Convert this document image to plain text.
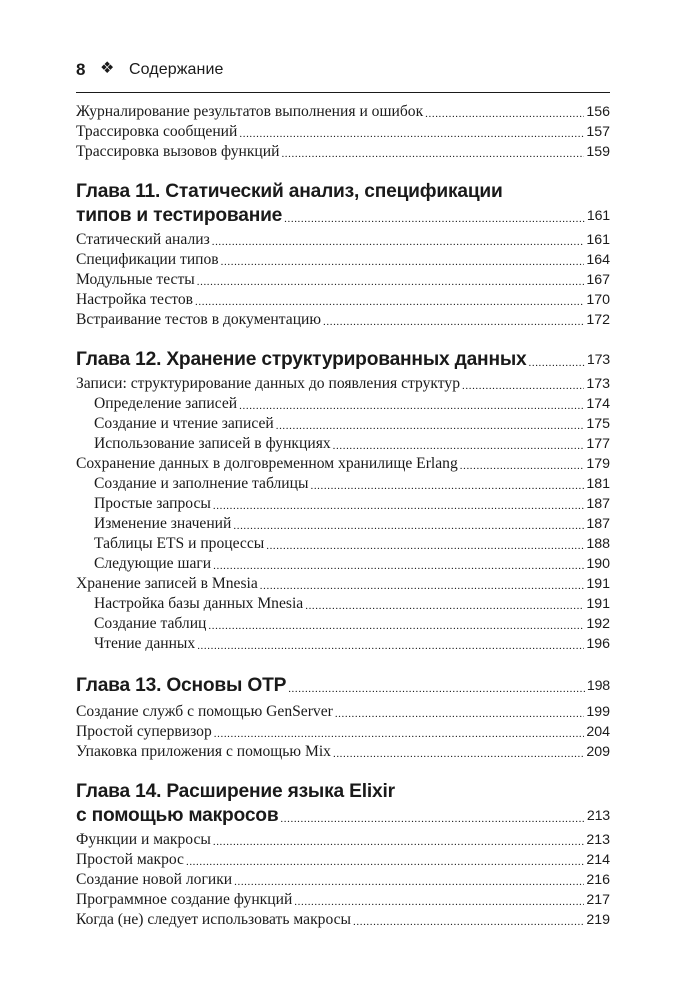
8 ❖ Содержание
Журналирование результатов выполнения и ошибок .....	156
Трассировка сообщений .....	157
Трассировка вызовов функций .....	159
Глава 11. Статический анализ, спецификации
типов и тестирование .....	161
Статический анализ .....	161
Спецификации типов .....	164
Модульные тесты .....	167
Настройка тестов .....	170
Встраивание тестов в документацию .....	172
Глава 12. Хранение структурированных данных .....	173
Записи: структурирование данных до появления структур .....	173
Определение записей .....	174
Создание и чтение записей .....	175
Использование записей в функциях .....	177
Сохранение данных в долговременном хранилище Erlang .....	179
Создание и заполнение таблицы .....	181
Простые запросы .....	187
Изменение значений .....	187
Таблицы ETS и процессы .....	188
Следующие шаги .....	190
Хранение записей в Mnesia .....	191
Настройка базы данных Mnesia .....	191
Создание таблиц .....	192
Чтение данных .....	196
Глава 13. Основы OTP .....	198
Создание служб с помощью GenServer .....	199
Простой супервизор .....	204
Упаковка приложения с помощью Mix .....	209
Глава 14. Расширение языка Elixir
с помощью макросов .....	213
Функции и макросы .....	213
Простой макрос .....	214
Создание новой логики .....	216
Программное создание функций .....	217
Когда (не) следует использовать макросы .....	219
